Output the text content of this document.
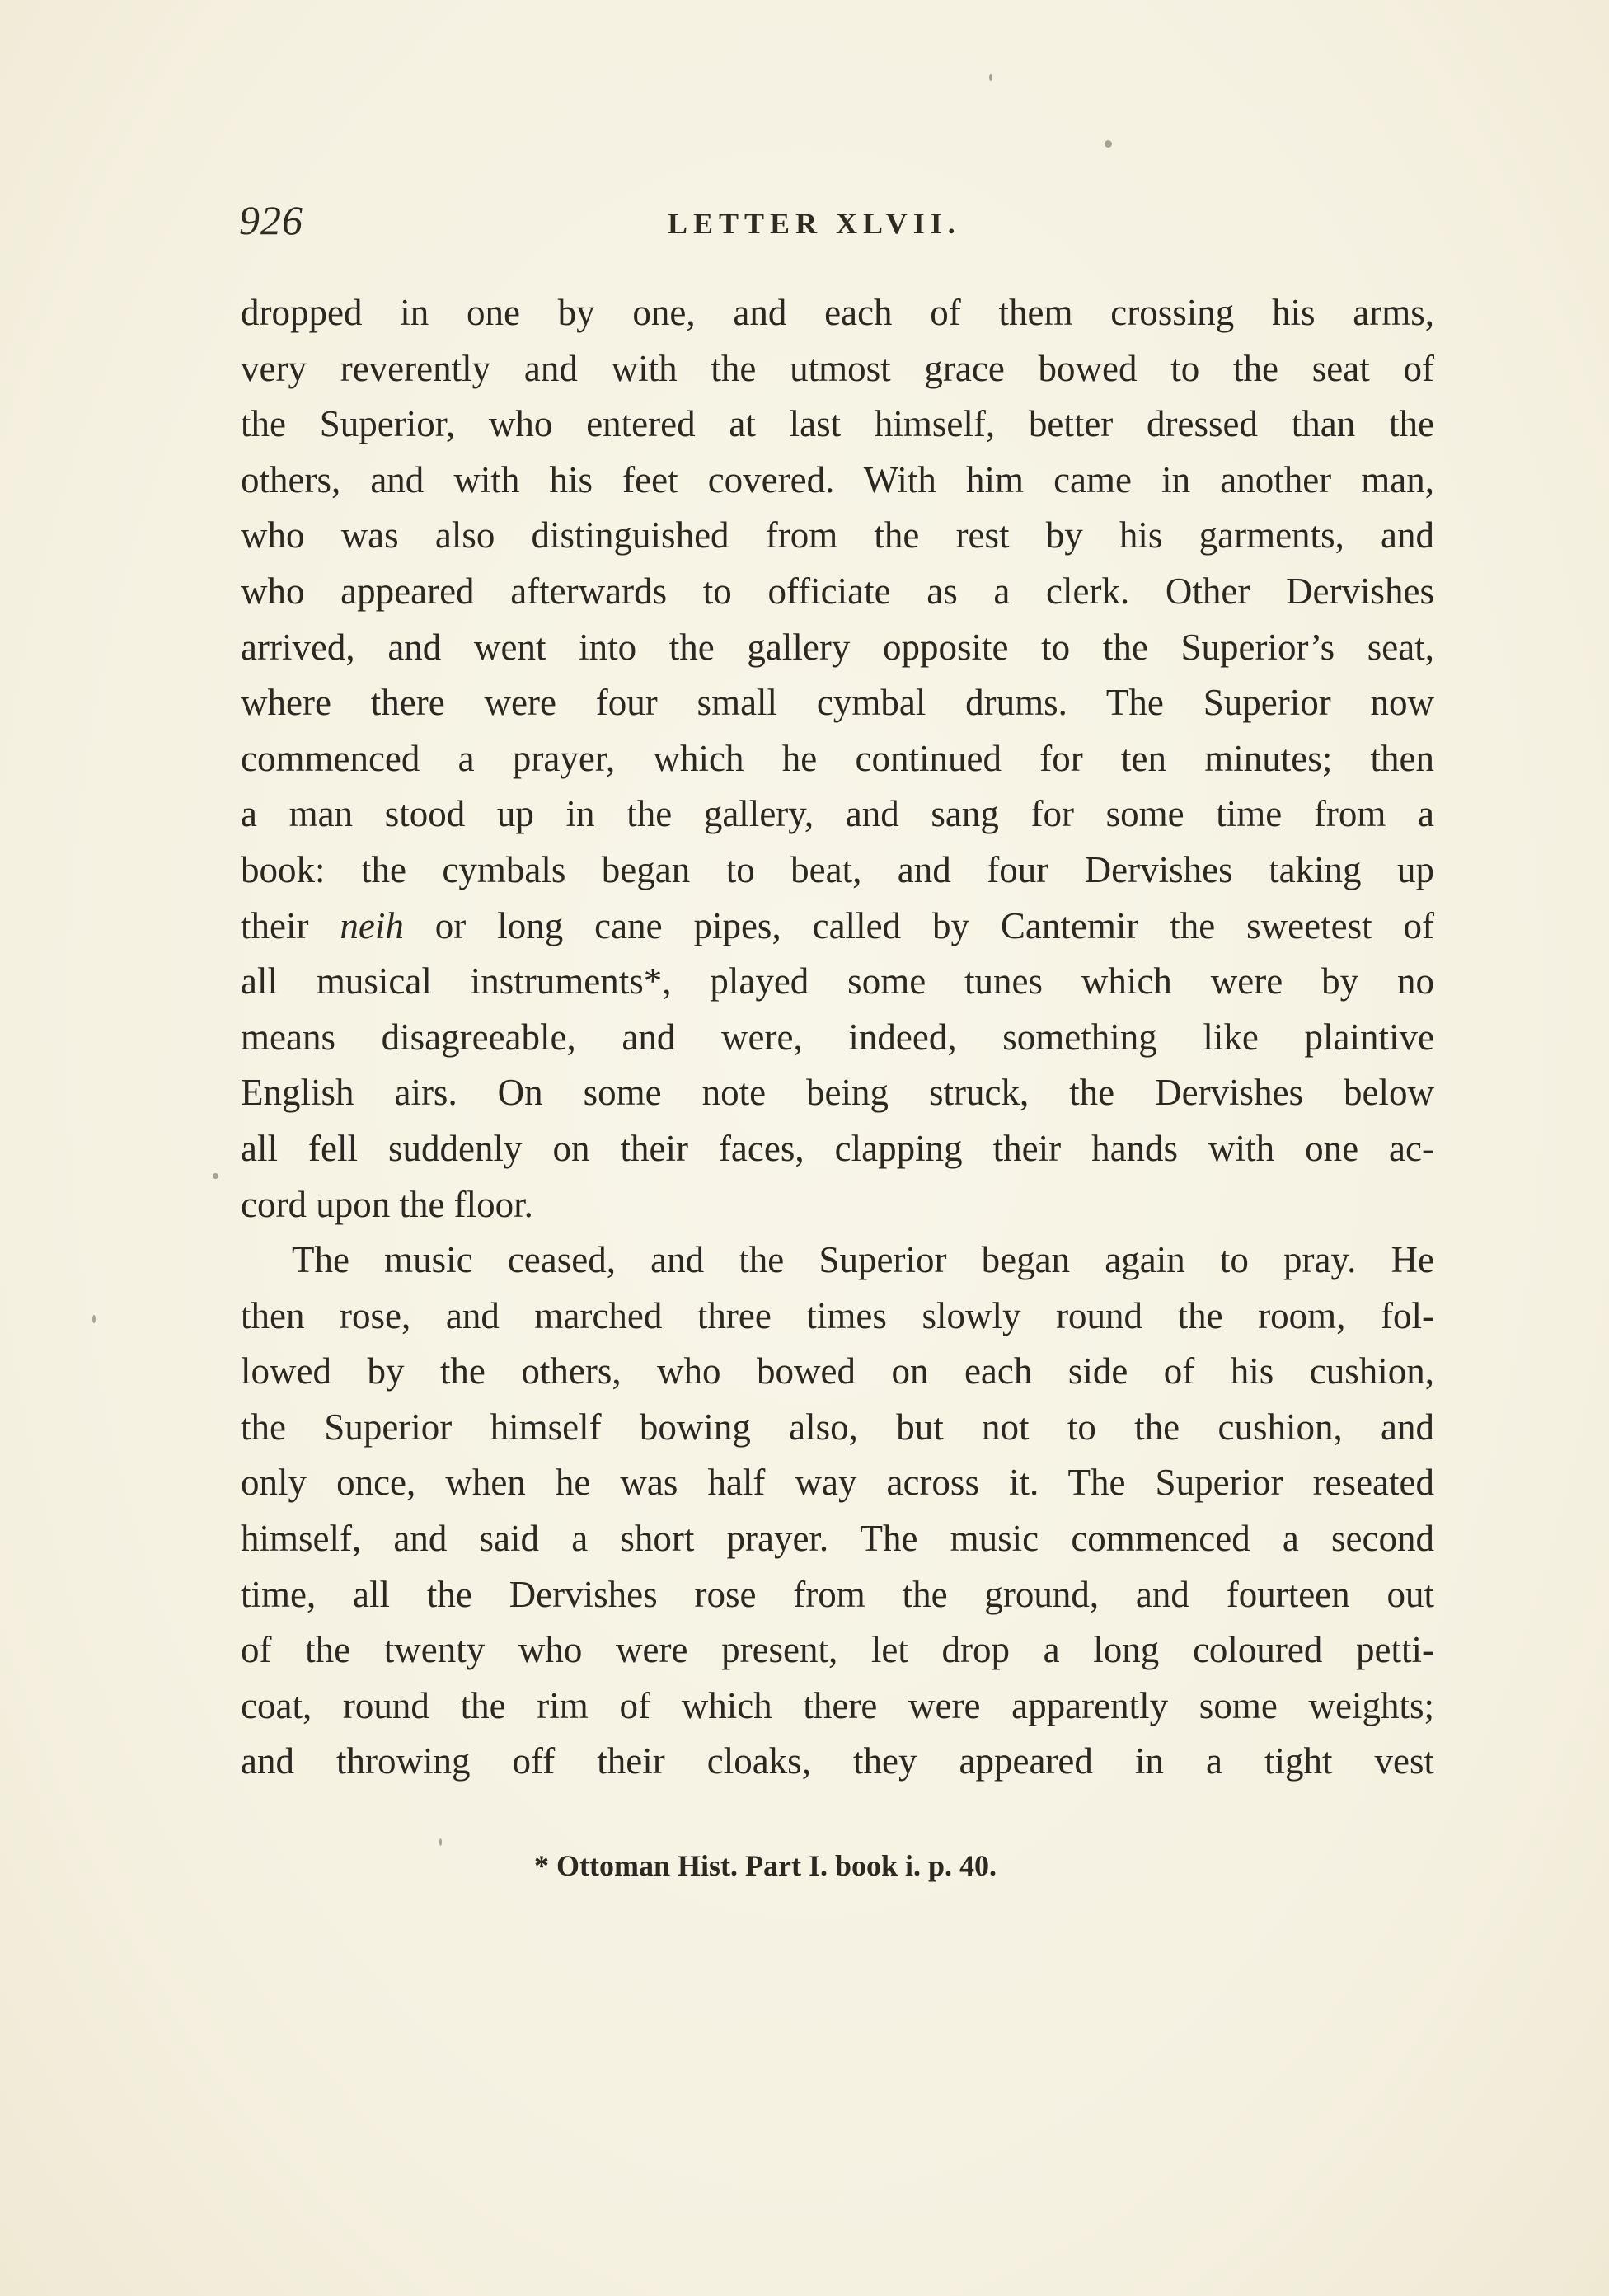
926	LETTER XLVII.
dropped in one by one, and each of them crossing his arms,
very reverently and with the utmost grace bowed to the seat of
the Superior, who entered at last himself, better dressed than the
others, and with his feet covered. With him came in another man,
who was also distinguished from the rest by his garments, and
who appeared afterwards to officiate as a clerk. Other Dervishes
arrived, and went into the gallery opposite to the Superior’s seat,
where there were four small cymbal drums. The Superior now
commenced a prayer, which he continued for ten minutes; then
a man stood up in the gallery, and sang for some time from a
book: the cymbals began to beat, and four Dervishes taking up
their neih or long cane pipes, called by Cantemir the sweetest of
all musical instruments*, played some tunes which were by no
means disagreeable, and were, indeed, something like plaintive
English airs. On some note being struck, the Dervishes below
all fell suddenly on their faces, clapping their hands with one ac-
cord upon the floor.
The music ceased, and the Superior began again to pray. He
then rose, and marched three times slowly round the room, fol-
lowed by the others, who bowed on each side of his cushion,
the Superior himself bowing also, but not to the cushion, and
only once, when he was half way across it. The Superior reseated
himself, and said a short prayer. The music commenced a second
time, all the Dervishes rose from the ground, and fourteen out
of the twenty who were present, let drop a long coloured petti-
coat, round the rim of which there were apparently some weights;
and throwing off their cloaks, they appeared in a tight vest
* Ottoman Hist. Part I. book i. p. 40.
